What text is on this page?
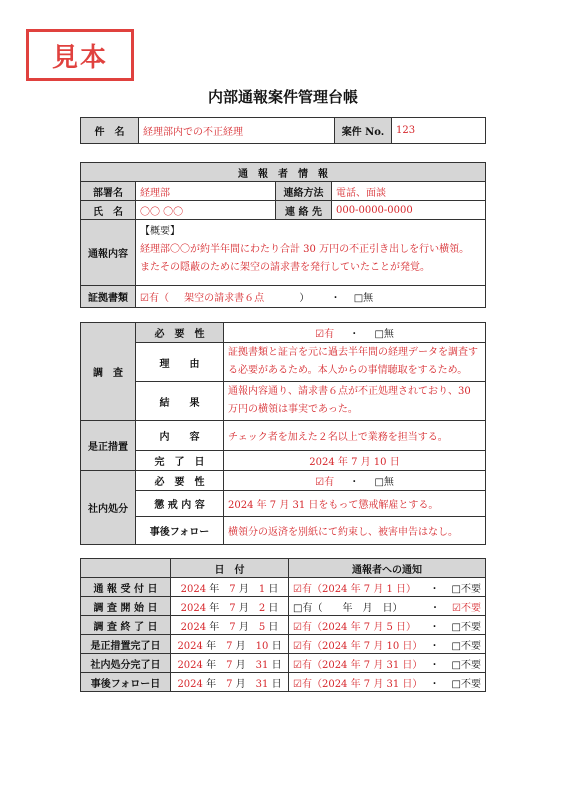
見本
内部通報案件管理台帳
件　名	経理部内での不正経理	案件 No.	123
通　報　者　情　報			
部署名	経理部	連絡方法	電話、面談
氏　名	〇〇 〇〇	連 絡 先	000-0000-0000
通報内容	【概要】
経理部〇〇が約半年間にわたり合計 30 万円の不正引き出しを行い横領。
またその隠蔽のために架空の請求書を発行していたことが発覚。		

証拠書類	☑有（ 架空の請求書６点 ） ・ □無		
調　査	必　要　性	☑有 ・ □無
	理　　由	証拠書類と証言を元に過去半年間の経理データを調査する必要があるため。本人からの事情聴取をするため。
	結　　果	通報内容通り、請求書６点が不正処理されており、30 万円の横領は事実であった。
是正措置	内　　容	チェック者を加えた２名以上で業務を担当する。
	完　了　日	2024 年 7 月 10 日
社内処分	必　要　性	☑有 ・ □無
	懲 戒 内 容	2024 年 7 月 31 日をもって懲戒解雇とする。
	事後フォロー	横領分の返済を別紙にて約束し、被害申告はなし。
	日　付	通報者への通知
通 報 受 付 日	2024 年　 7 月　 1 日	☑有（2024 年 7 月 1 日） ・ □不要

調 査 開 始 日	2024 年　 7 月　 2 日	□有（　　年　月　日） ・ ☑不要

調 査 終 了 日	2024 年　 7 月　 5 日	☑有（2024 年 7 月 5 日） ・ □不要

是正措置完了日	2024 年　 7 月　 10 日	☑有（2024 年 7 月 10 日） ・ □不要

社内処分完了日	2024 年　 7 月　 31 日	☑有（2024 年 7 月 31 日） ・ □不要

事後フォロー日	2024 年　 7 月　 31 日	☑有（2024 年 7 月 31 日） ・ □不要
